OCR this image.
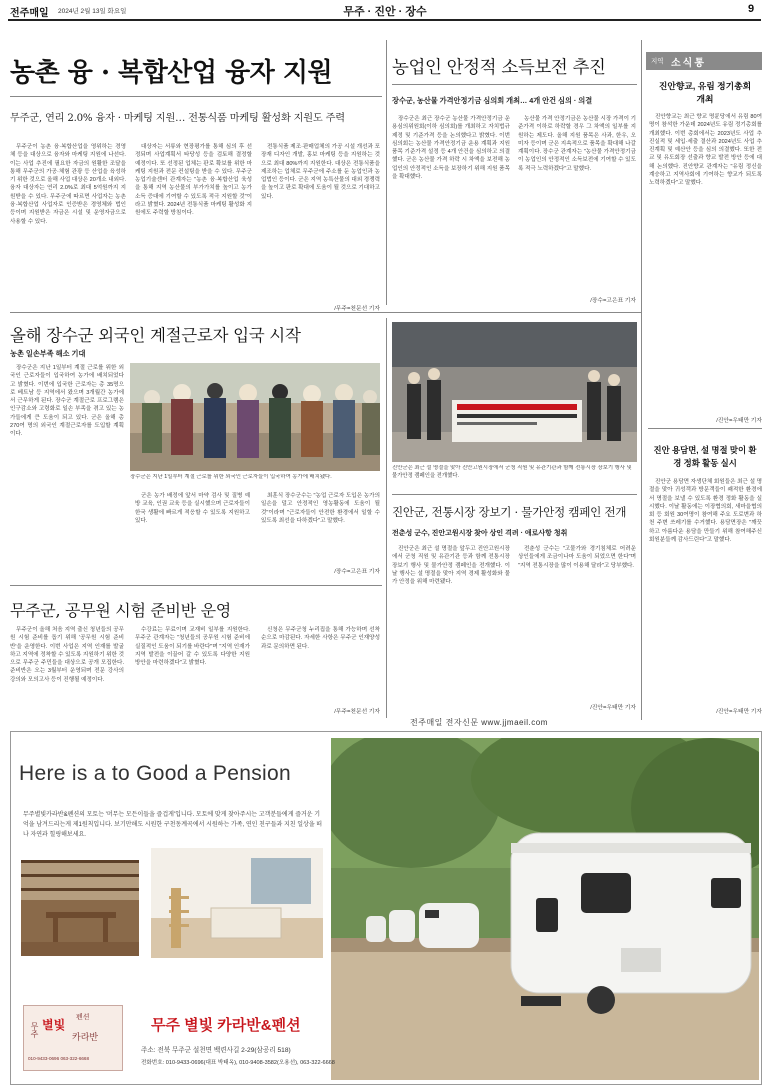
전주매일 2024년 2월 13일 화요일	무주 · 진안 · 장수	9
농촌 융 · 복합산업 융자 지원
무주군, 연리 2.0% 융자 · 마케팅 지원… 전통식품 마케팅 활성화 지원도 주력

무주군이 농촌 융·복합산업을 영위하는 경영체 등을 대상으로 융자와 마케팅 지원에 나선다. 이는 사업 추진에 필요한 자금의 원활한 조달을 통해 무주군의 가공·체험 관광 등 산업을 육성하기 위한 것으로 올해 사업 대상은 20개소 내외다. 융자 대상자는 연리 2.0%로 최대 5억원까지 지원받을 수 있다. 무주군에 따르면 사업자는 농촌 융·복합산업 사업자로 인증받은 경영체와 법인 등이며 지원받은 자금은 시설 및 운영자금으로 사용할 수 있다.

대상자는 서류와 현장평가를 통해 심의 후 선정되며 사업계획서 타당성 등을 검토해 결정할 예정이다. 또 선정된 업체는 판로 확보를 위한 마케팅 지원과 전문 컨설팅을 받을 수 있다. 무주군 농업기술센터 관계자는 "농촌 융·복합산업 육성을 통해 지역 농산물의 부가가치를 높이고 농가 소득 증대에 기여할 수 있도록 적극 지원할 것"이라고 밝혔다. 2024년 전통식품 마케팅 활성화 지원에도 주력할 방침이다.

전통식품 제조·판매업체의 가공 시설 개선과 포장재 디자인 개발, 홍보 마케팅 등을 지원하는 것으로 최대 80%까지 지원한다. 대상은 전통식품을 제조하는 업체로 무주군에 주소를 둔 농업인과 농업법인 등이다. 군은 지역 농특산물의 대외 경쟁력을 높이고 판로 확대에 도움이 될 것으로 기대하고 있다.

/무주=천문선 기자
농업인 안정적 소득보전 추진
장수군, 농산물 가격안정기금 심의회 개최… 4개 안건 심의 · 의결

장수군은 최근 장수군 농산물 가격안정기금 운용심의위원회(이하 심의회)를 개최하고 자치법규 제정 및 기준가격 등을 논의했다고 밝혔다. 이번 심의회는 농산물 가격안정기금 운용 계획과 지원 품목 기준가격 설정 등 4개 안건을 심의하고 의결했다. 군은 농산물 가격 하락 시 차액을 보전해 농업인의 안정적인 소득을 보장하기 위해 지원 품목을 확대했다.

농산물 가격 안정기금은 농산물 시장 가격이 기준가격 이하로 하락할 경우 그 차액의 일부를 지원하는 제도다. 올해 지원 품목은 사과, 한우, 오미자 등이며 군은 지속적으로 품목을 확대해 나갈 계획이다. 장수군 관계자는 "농산물 가격안정기금이 농업인의 안정적인 소득보전에 기여할 수 있도록 적극 노력하겠다"고 말했다.

/장수=고은표 기자
지역 소식통
진안향교, 유림 정기총회 개최

진안향교는 최근 향교 명륜당에서 유림 80여명이 참석한 가운데 2024년도 유림 정기총회를 개최했다. 이번 총회에서는 2023년도 사업 추진실적 및 세입·세출 결산과 2024년도 사업 추진계획 및 예산안 등을 심의 의결했다. 또한 전교 및 유도회장 선출과 향교 발전 방안 등에 대해 논의했다. 진안향교 관계자는 "유림 정신을 계승하고 지역사회에 기여하는 향교가 되도록 노력하겠다"고 말했다.

/진안=우태만 기자
진안 용담면, 설 명절 맞이 환경 정화 활동 실시

진안군 용담면 자생단체 회원들은 최근 설 명절을 맞아 귀성객과 방문객들이 쾌적한 환경에서 명절을 보낼 수 있도록 환경 정화 활동을 실시했다. 이날 활동에는 이장협의회, 새마을협의회 등 회원 30여명이 참여해 주요 도로변과 하천 주변 쓰레기를 수거했다. 용담면장은 "깨끗하고 아름다운 용담을 만들기 위해 참여해주신 회원분들께 감사드린다"고 말했다.

/진안=우태만 기자
올해 장수군 외국인 계절근로자 입국 시작
농촌 일손부족 해소 기대

장수군은 지난 1일부터 계절 근로를 위한 외국인 근로자들이 입국하여 농가에 배치되었다고 밝혔다. 이번에 입국한 근로자는 총 35명으로 베트남 등 지역에서 왔으며 3개월간 농가에서 근무하게 된다. 장수군 계절근로 프로그램은 인구감소와 고령화로 일손 부족을 겪고 있는 농가들에게 큰 도움이 되고 있다. 군은 올해 총 270여 명의 외국인 계절근로자를 도입할 계획이다.

장수군은 지난 1일부터 계절 근로를 위한 외국인 근로자들이 입국하여 농가에 배치됐다.

군은 농가 배정에 앞서 마약 검사 및 질병 예방 교육, 인권 교육 등을 실시했으며 근로자들이 한국 생활에 빠르게 적응할 수 있도록 지원하고 있다.

최훈식 장수군수는 "농업 근로자 도입은 농가의 일손을 덜고 안정적인 영농활동에 도움이 될 것"이라며 "근로자들이 안전한 환경에서 일할 수 있도록 최선을 다하겠다"고 말했다.

/장수=고은표 기자
진안군은 최근 설 명절을 맞아 진안고원시장에서 군청 직원 및 유관기관과 함께 전통시장 장보기 행사 및 물가안정 캠페인을 전개했다.
진안군, 전통시장 장보기 · 물가안정 캠페인 전개
전춘성 군수, 진안고원시장 찾아 상인 격려 · 애로사항 청취

진안군은 최근 설 명절을 앞두고 진안고원시장에서 군청 직원 및 유관기관 등과 함께 전통시장 장보기 행사 및 물가안정 캠페인을 전개했다. 이날 행사는 설 명절을 맞아 지역 경제 활성화와 물가 안정을 위해 마련됐다.

전춘성 군수는 "고물가와 경기침체로 어려운 상인들에게 조금이나마 도움이 되었으면 한다"며 "지역 전통시장을 많이 이용해 달라"고 당부했다.

/진안=우태만 기자
무주군, 공무원 시험 준비반 운영

무주군이 올해 처음 지역 출신 청년들의 공무원 시험 준비를 돕기 위해 '공무원 시험 준비반'을 운영한다. 이번 사업은 지역 인재를 발굴하고 지역에 정착할 수 있도록 지원하기 위한 것으로 무주군 주민들을 대상으로 공개 모집한다. 준비반은 오는 3월부터 운영되며 전문 강사의 강의와 모의고사 등이 진행될 예정이다.

수강료는 무료이며 교재비 일부를 지원한다. 무주군 관계자는 "청년들의 공무원 시험 준비에 실질적인 도움이 되기를 바란다"며 "지역 인재가 지역 발전을 이끌어 갈 수 있도록 다양한 지원 방안을 마련하겠다"고 밝혔다.

신청은 무주군청 누리집을 통해 가능하며 선착순으로 마감된다. 자세한 사항은 무주군 인재양성과로 문의하면 된다.

/무주=천문선 기자
전주매일 전자신문 www.jjmaeil.com
Here is a to Good a Pension
무주별빛카라반&펜션의 모토는 '머무는 모든이들을 즐겁게'입니다. 모토에 맞게 찾아주시는 고객분들에게 즐거운 기억을 남겨드리는게 제1원칙입니다. 보기만해도 시원한 구천동계곡에서 시원하는 가족, 연인 친구들과 지친 일상을 떠나 자연과 힐링해보세요.
무주 별빛
카라반
펜션
010-9433-0696 063-322-6668
무주 별빛 카라반&펜션
주소: 전북 무주군 설천면 백련사길 2-29(삼공리 518)
전화번호: 010-9433-0696(대표 박태옥), 010-9408-3582(오용선), 063-322-6668
